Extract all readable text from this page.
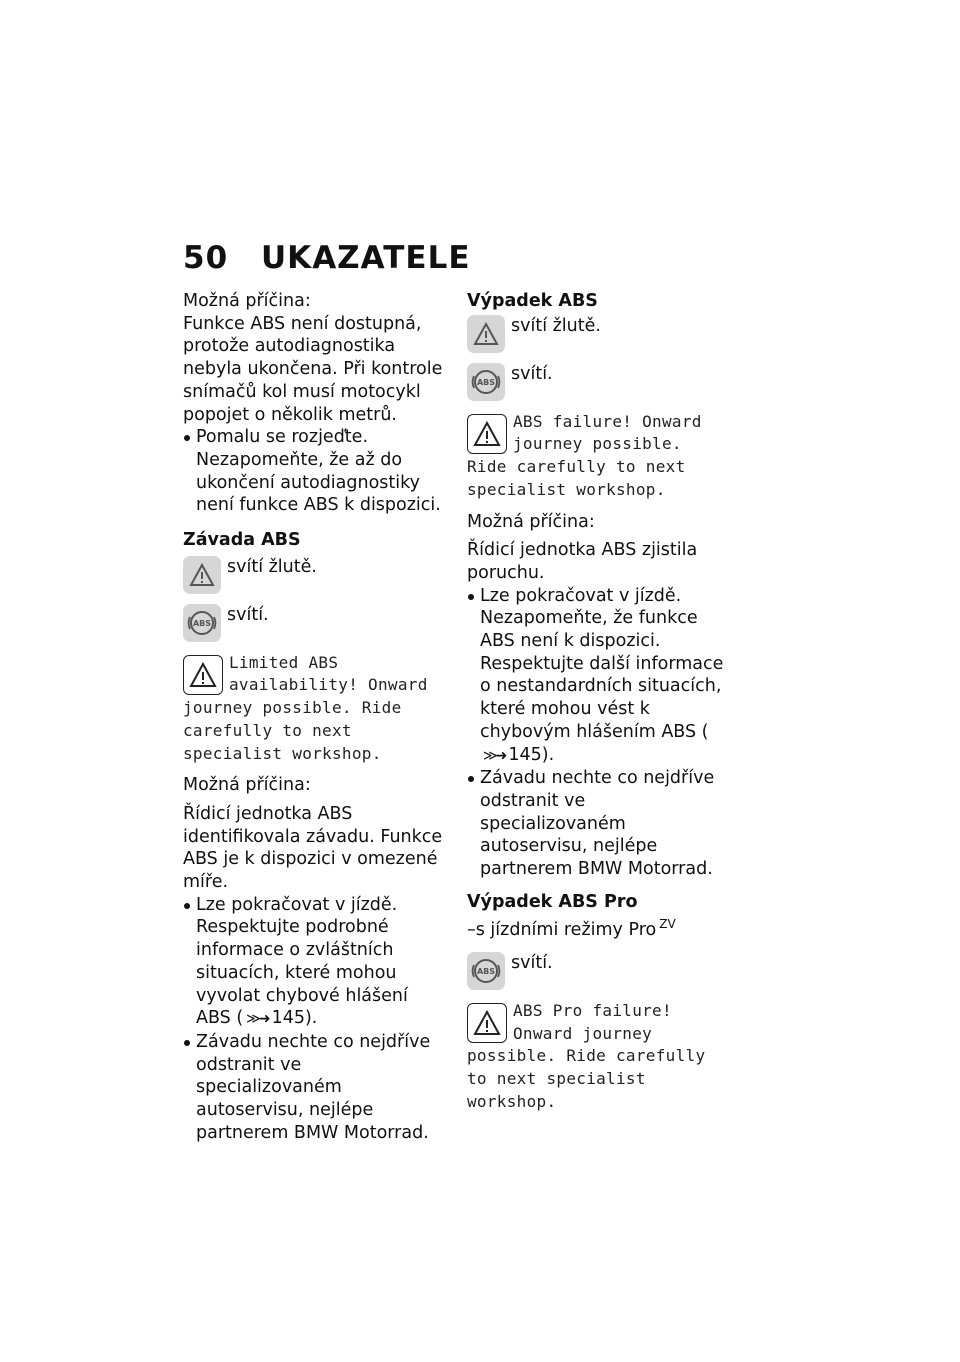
50 UKAZATELE

Možná příčina:

Funkce ABS není dostupná, protože autodiagnostika nebyla ukončena. Při kontrole snímačů kol musí motocykl popojet o několik metrů.

Pomalu se rozjeďte. Nezapomeňte, že až do ukončení autodiagnostiky není funkce ABS k dispozici.

Závada ABS

svítí žlutě.
ABS svítí.

Limited ABS availability! Onward journey possible. Ride carefully to next specialist workshop.

Možná příčina:

Řídicí jednotka ABS identifikovala závadu. Funkce ABS je k dispozici v omezené míře.

Lze pokračovat v jízdě. Respektujte podrobné informace o zvláštních situacích, které mohou vyvolat chybové hlášení ABS ( ≫➜ 145).

Závadu nechte co nejdříve odstranit ve specializovaném autoservisu, nejlépe partnerem BMW Motorrad.

Výpadek ABS

svítí žlutě.
ABS svítí.

ABS failure! Onward journey possible. Ride carefully to next specialist workshop.

Možná příčina:

Řídicí jednotka ABS zjistila poruchu.

Lze pokračovat v jízdě. Nezapomeňte, že funkce ABS není k dispozici. Respektujte další informace o nestandardních situacích, které mohou vést k chybovým hlášením ABS (≫➜ 145).

Závadu nechte co nejdříve odstranit ve specializovaném autoservisu, nejlépe partnerem BMW Motorrad.

Výpadek ABS Pro

–s jízdními režimy Pro $^{ZV}$

ABS svítí.

ABS Pro failure! Onward journey possible. Ride carefully to next specialist workshop.
